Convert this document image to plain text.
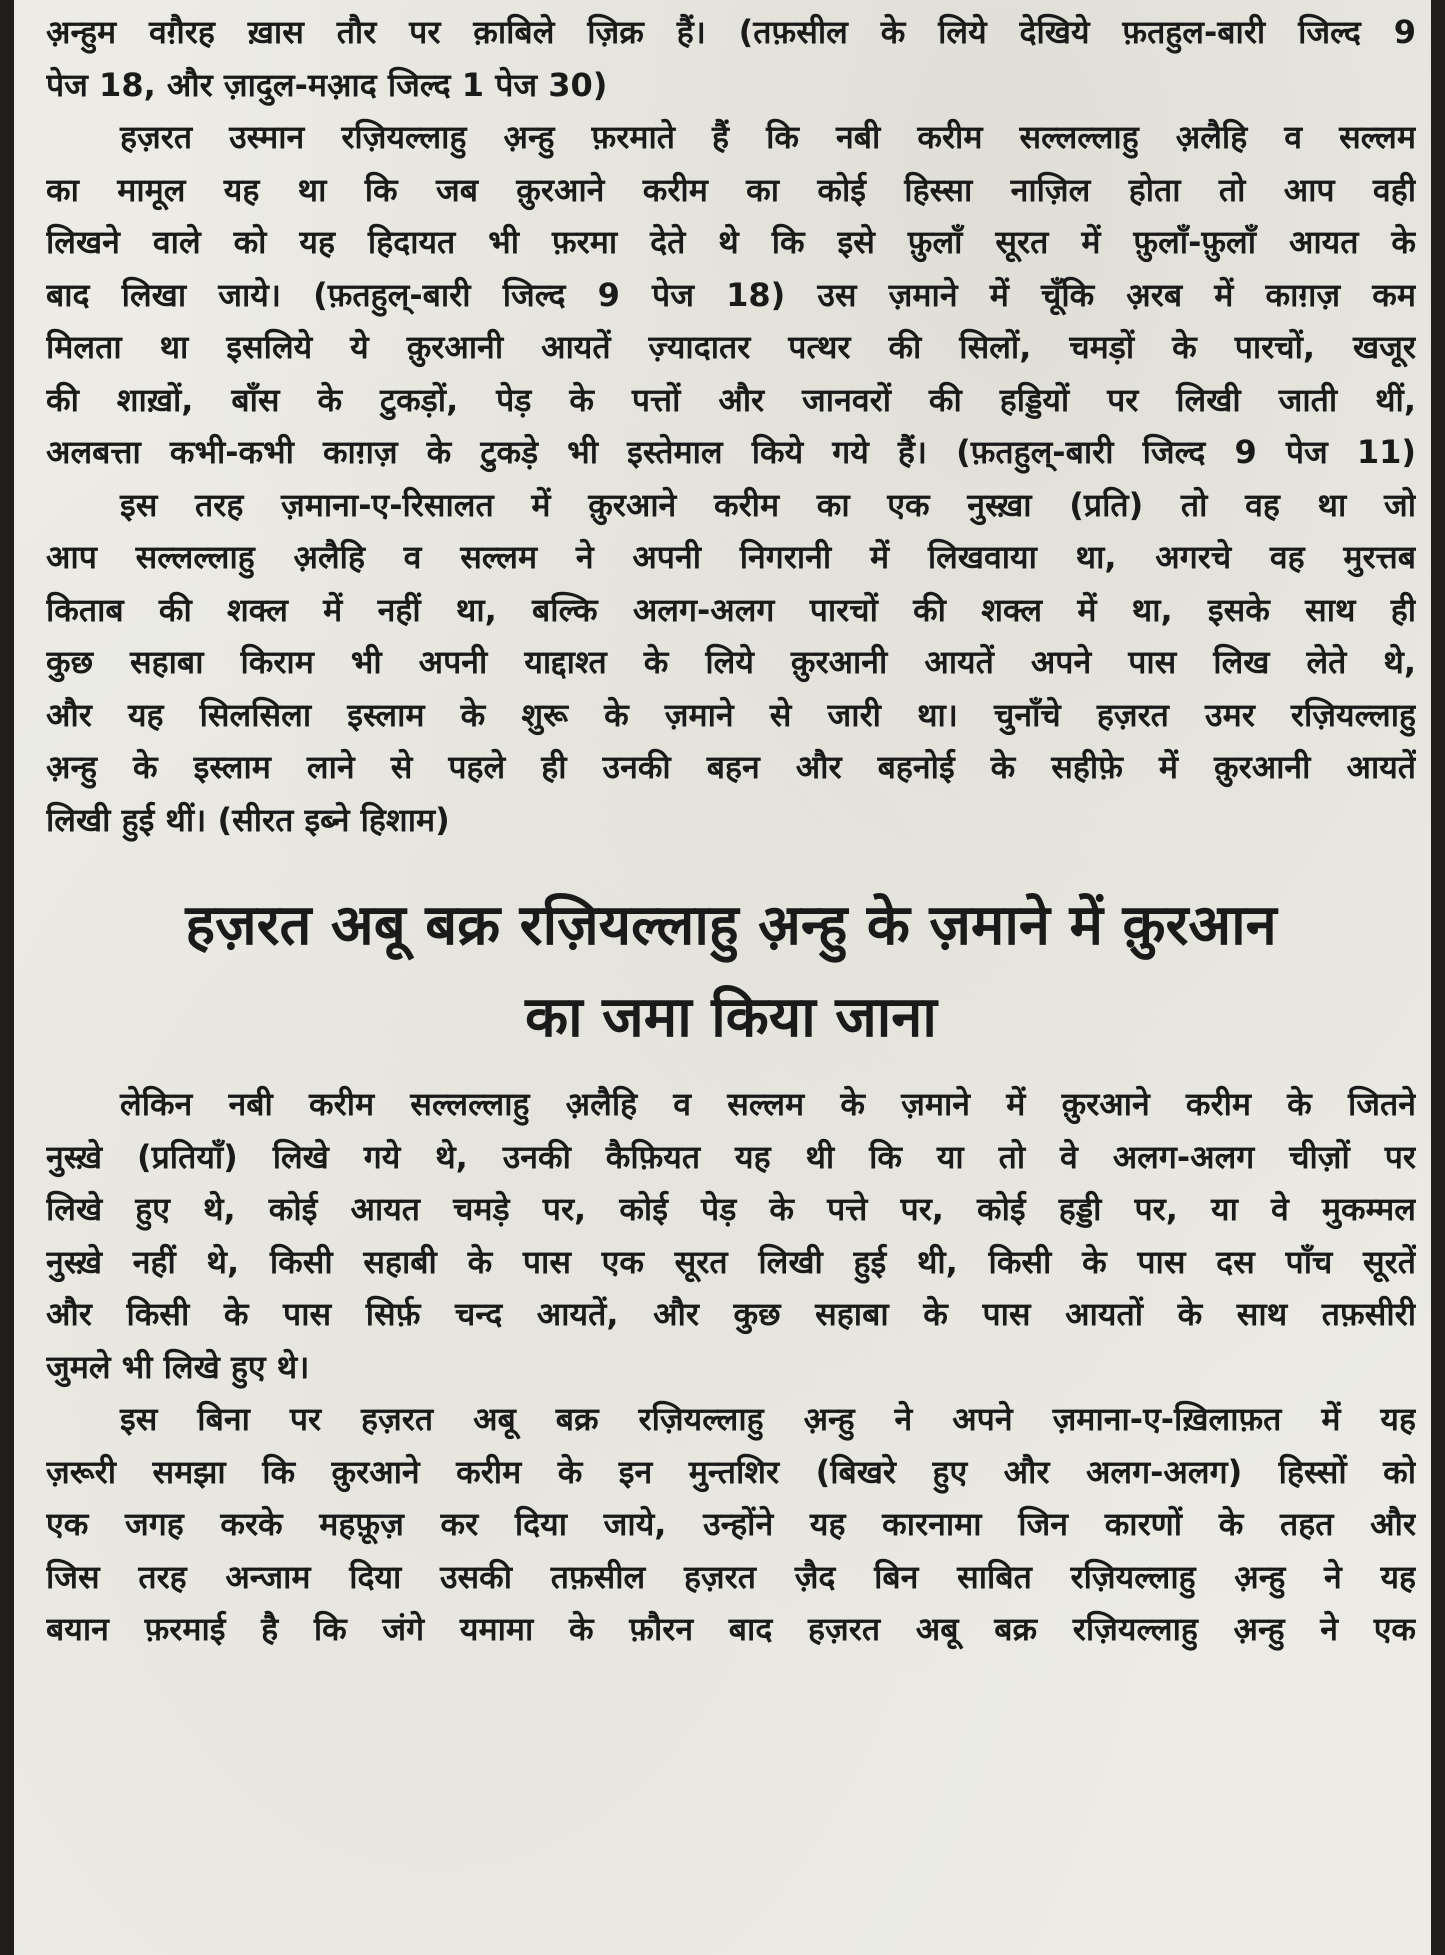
अ़न्हुम वग़ैरह ख़ास तौर पर क़ाबिले ज़िक्र हैं। (तफ़सील के लिये देखिये फ़तहुल-बारी जिल्द 9
पेज 18, और ज़ादुल-मआ़द जिल्द 1 पेज 30)

हज़रत उस्मान रज़ियल्लाहु अ़न्हु फ़रमाते हैं कि नबी करीम सल्लल्लाहु अ़लैहि व सल्लम
का मामूल यह था कि जब क़ुरआने करीम का कोई हिस्सा नाज़िल होता तो आप वही
लिखने वाले को यह हिदायत भी फ़रमा देते थे कि इसे फ़ुलाँ सूरत में फ़ुलाँ-फ़ुलाँ आयत के
बाद लिखा जाये। (फ़तहुल्-बारी जिल्द 9 पेज 18) उस ज़माने में चूँकि अ़रब में काग़ज़ कम
मिलता था इसलिये ये क़ुरआनी आयतें ज़्यादातर पत्थर की सिलों, चमड़ों के पारचों, खजूर
की शाख़ों, बाँस के टुकड़ों, पेड़ के पत्तों और जानवरों की हड्डियों पर लिखी जाती थीं,
अलबत्ता कभी-कभी काग़ज़ के टुकड़े भी इस्तेमाल किये गये हैं। (फ़तहुल्-बारी जिल्द 9 पेज 11)

इस तरह ज़माना-ए-रिसालत में क़ुरआने करीम का एक नुस्ख़ा (प्रति) तो वह था जो
आप सल्लल्लाहु अ़लैहि व सल्लम ने अपनी निगरानी में लिखवाया था, अगरचे वह मुरत्तब
किताब की शक्ल में नहीं था, बल्कि अलग-अलग पारचों की शक्ल में था, इसके साथ ही
कुछ सहाबा किराम भी अपनी याद्दाश्त के लिये क़ुरआनी आयतें अपने पास लिख लेते थे,
और यह सिलसिला इस्लाम के शुरू के ज़माने से जारी था। चुनाँचे हज़रत उमर रज़ियल्लाहु
अ़न्हु के इस्लाम लाने से पहले ही उनकी बहन और बहनोई के सहीफ़े में क़ुरआनी आयतें
लिखी हुई थीं। (सीरत इब्ने हिशाम)

हज़रत अबू बक्र रज़ियल्लाहु अ़न्हु के ज़माने में क़ुरआन
का जमा किया जाना

लेकिन नबी करीम सल्लल्लाहु अ़लैहि व सल्लम के ज़माने में क़ुरआने करीम के जितने
नुस्ख़े (प्रतियाँ) लिखे गये थे, उनकी कैफ़ियत यह थी कि या तो वे अलग-अलग चीज़ों पर
लिखे हुए थे, कोई आयत चमड़े पर, कोई पेड़ के पत्ते पर, कोई हड्डी पर, या वे मुकम्मल
नुस्ख़े नहीं थे, किसी सहाबी के पास एक सूरत लिखी हुई थी, किसी के पास दस पाँच सूरतें
और किसी के पास सिर्फ़ चन्द आयतें, और कुछ सहाबा के पास आयतों के साथ तफ़सीरी
जुमले भी लिखे हुए थे।

इस बिना पर हज़रत अबू बक्र रज़ियल्लाहु अ़न्हु ने अपने ज़माना-ए-ख़िलाफ़त में यह
ज़रूरी समझा कि क़ुरआने करीम के इन मुन्तशिर (बिखरे हुए और अलग-अलग) हिस्सों को
एक जगह करके महफ़ूज़ कर दिया जाये, उन्होंने यह कारनामा जिन कारणों के तहत और
जिस तरह अन्जाम दिया उसकी तफ़सील हज़रत ज़ैद बिन साबित रज़ियल्लाहु अ़न्हु ने यह
बयान फ़रमाई है कि जंगे यमामा के फ़ौरन बाद हज़रत अबू बक्र रज़ियल्लाहु अ़न्हु ने एक
